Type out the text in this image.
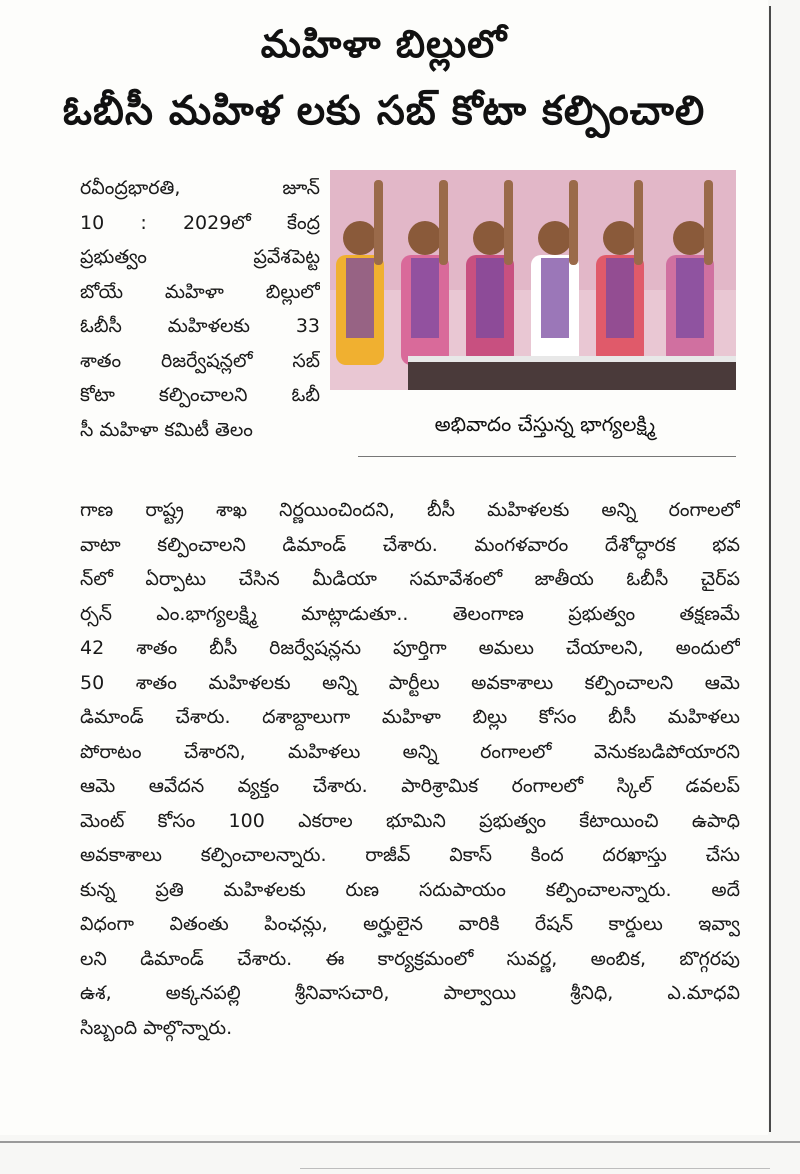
మహిళా బిల్లులో
ఓబీసీ మహిళ లకు సబ్ కోటా కల్పించాలి
రవీంద్రభారతి, జూన్
10 : 2029లో కేంద్ర
ప్రభుత్వం ప్రవేశపెట్ట
బోయే మహిళా బిల్లులో
ఓబీసీ మహిళలకు 33
శాతం రిజర్వేషన్లలో సబ్
కోటా కల్పించాలని ఓబీ
సీ మహిళా కమిటీ తెలం	అభివాదం చేస్తున్న భాగ్యలక్ష్మి
గాణ రాష్ట్ర శాఖ నిర్ణయించిందని, బీసీ మహిళలకు అన్ని రంగాలలో
వాటా కల్పించాలని డిమాండ్ చేశారు. మంగళవారం దేశోద్ధారక భవ
న్‌లో ఏర్పాటు చేసిన మీడియా సమావేశంలో జాతీయ ఓబీసీ చైర్‌ప
ర్సన్ ఎం.భాగ్యలక్ష్మి మాట్లాడుతూ.. తెలంగాణ ప్రభుత్వం తక్షణమే
42 శాతం బీసీ రిజర్వేషన్లను పూర్తిగా అమలు చేయాలని, అందులో
50 శాతం మహిళలకు అన్ని పార్టీలు అవకాశాలు కల్పించాలని ఆమె
డిమాండ్ చేశారు. దశాబ్దాలుగా మహిళా బిల్లు కోసం బీసీ మహిళలు
పోరాటం చేశారని, మహిళలు అన్ని రంగాలలో వెనుకబడిపోయారని
ఆమె ఆవేదన వ్యక్తం చేశారు. పారిశ్రామిక రంగాలలో స్కిల్ డవలప్
మెంట్ కోసం 100 ఎకరాల భూమిని ప్రభుత్వం కేటాయించి ఉపాధి
అవకాశాలు కల్పించాలన్నారు. రాజీవ్ వికాస్ కింద దరఖాస్తు చేసు
కున్న ప్రతి మహిళలకు రుణ సదుపాయం కల్పించాలన్నారు. అదే
విధంగా వితంతు పింఛన్లు, అర్హులైన వారికి రేషన్ కార్డులు ఇవ్వా
లని డిమాండ్ చేశారు. ఈ కార్యక్రమంలో సువర్ణ, అంబిక, బొగ్గరపు
ఉశ, అక్కనపల్లి శ్రీనివాసచారి, పాల్వాయి శ్రీనిధి, ఎ.మాధవి
సిబ్బంది పాల్గొన్నారు.
